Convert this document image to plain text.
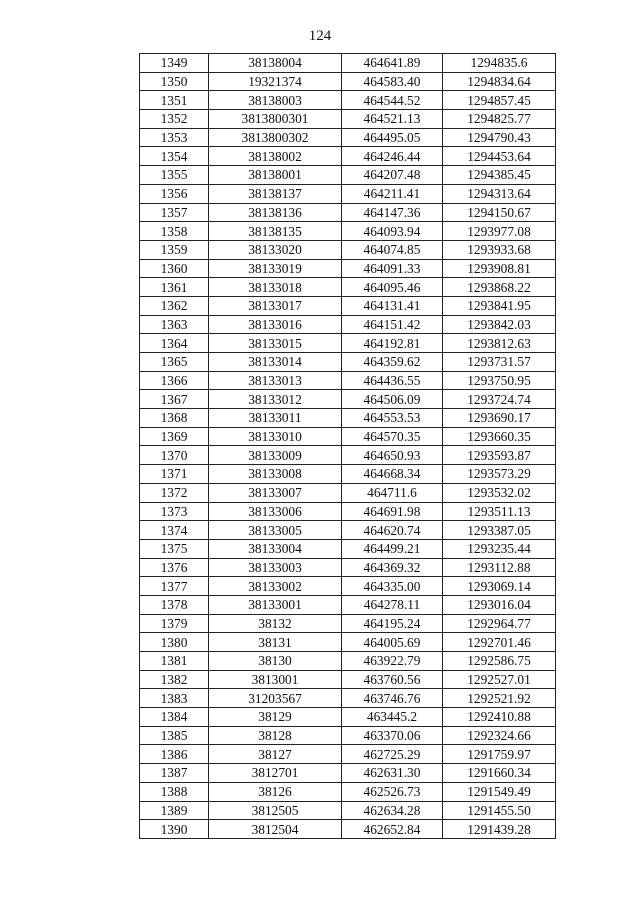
124
1349	38138004	464641.89	1294835.6
1350	19321374	464583.40	1294834.64
1351	38138003	464544.52	1294857.45
1352	3813800301	464521.13	1294825.77
1353	3813800302	464495.05	1294790.43
1354	38138002	464246.44	1294453.64
1355	38138001	464207.48	1294385.45
1356	38138137	464211.41	1294313.64
1357	38138136	464147.36	1294150.67
1358	38138135	464093.94	1293977.08
1359	38133020	464074.85	1293933.68
1360	38133019	464091.33	1293908.81
1361	38133018	464095.46	1293868.22
1362	38133017	464131.41	1293841.95
1363	38133016	464151.42	1293842.03
1364	38133015	464192.81	1293812.63
1365	38133014	464359.62	1293731.57
1366	38133013	464436.55	1293750.95
1367	38133012	464506.09	1293724.74
1368	38133011	464553.53	1293690.17
1369	38133010	464570.35	1293660.35
1370	38133009	464650.93	1293593.87
1371	38133008	464668.34	1293573.29
1372	38133007	464711.6	1293532.02
1373	38133006	464691.98	1293511.13
1374	38133005	464620.74	1293387.05
1375	38133004	464499.21	1293235.44
1376	38133003	464369.32	1293112.88
1377	38133002	464335.00	1293069.14
1378	38133001	464278.11	1293016.04
1379	38132	464195.24	1292964.77
1380	38131	464005.69	1292701.46
1381	38130	463922.79	1292586.75
1382	3813001	463760.56	1292527.01
1383	31203567	463746.76	1292521.92
1384	38129	463445.2	1292410.88
1385	38128	463370.06	1292324.66
1386	38127	462725.29	1291759.97
1387	3812701	462631.30	1291660.34
1388	38126	462526.73	1291549.49
1389	3812505	462634.28	1291455.50
1390	3812504	462652.84	1291439.28
